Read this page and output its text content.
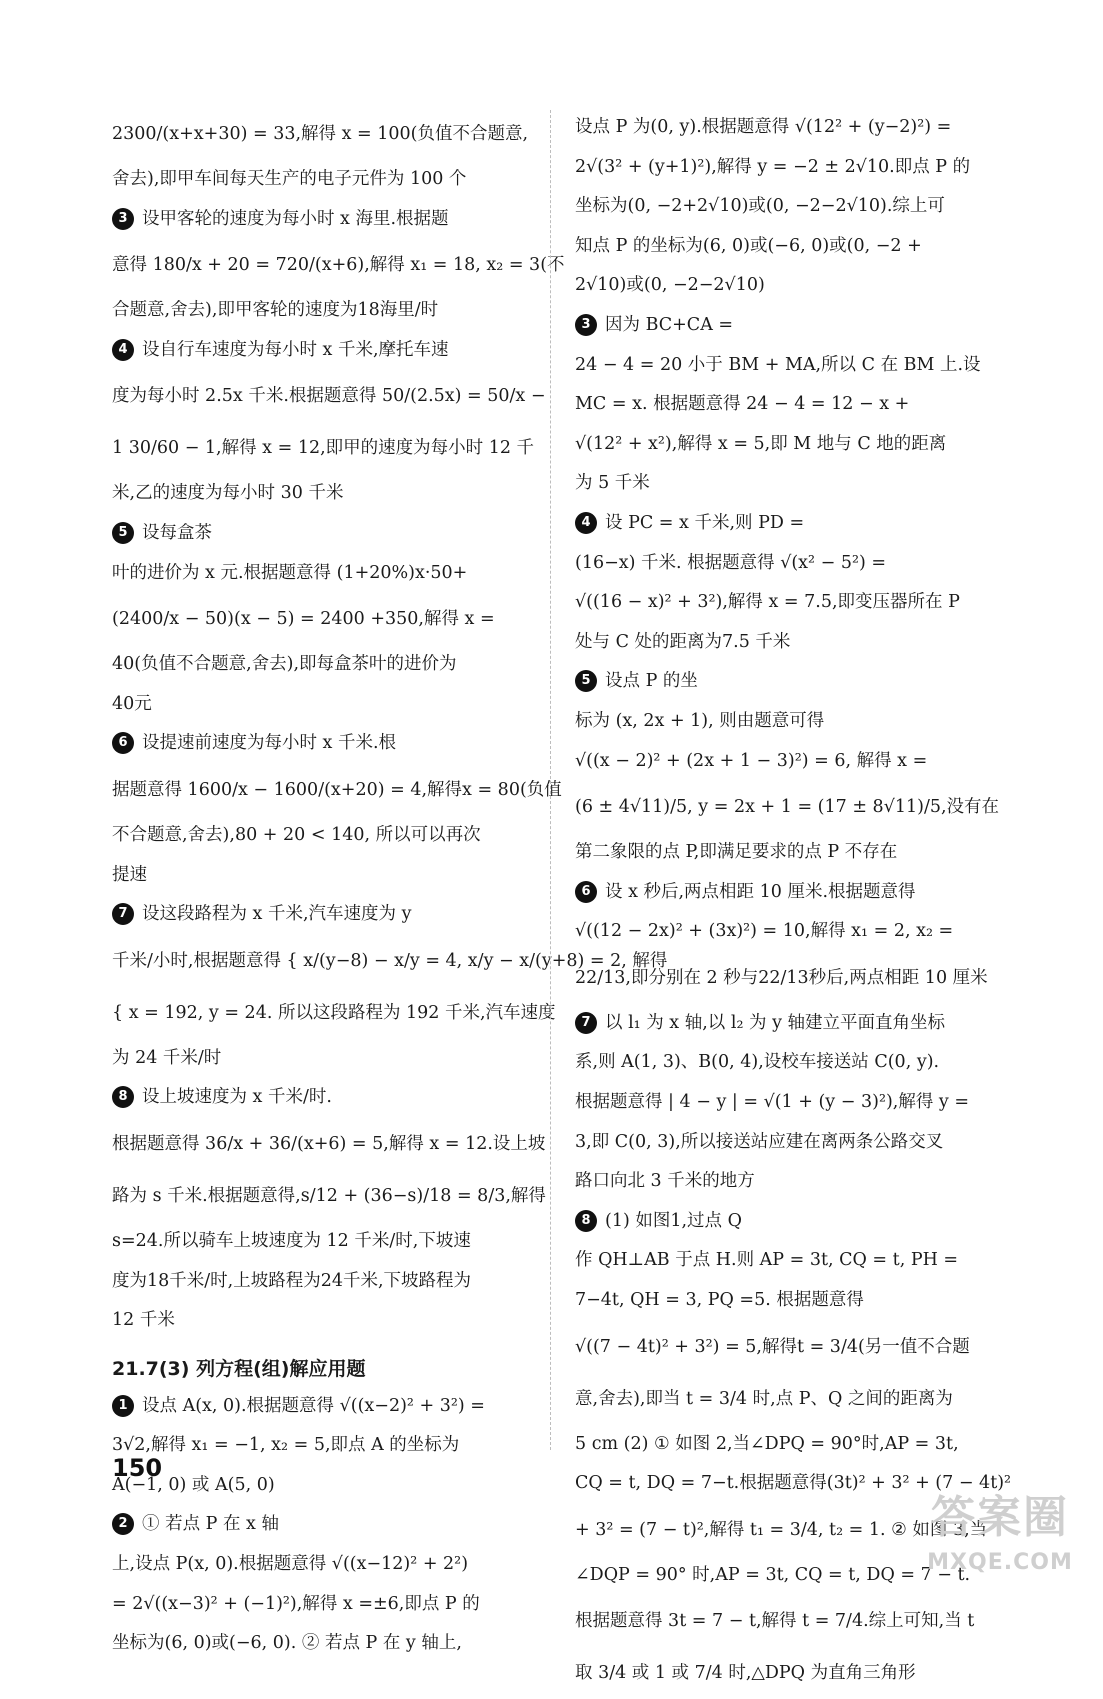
2300/(x+x+30) = 33,解得 x = 100(负值不合题意,
舍去),即甲车间每天生产的电子元件为 100 个
3 设甲客轮的速度为每小时 x 海里.根据题
意得 180/x + 20 = 720/(x+6),解得 x₁ = 18, x₂ = 3(不
合题意,舍去),即甲客轮的速度为18海里/时
4 设自行车速度为每小时 x 千米,摩托车速
度为每小时 2.5x 千米.根据题意得 50/(2.5x) = 50/x −
1 30/60 − 1,解得 x = 12,即甲的速度为每小时 12 千
米,乙的速度为每小时 30 千米
5 设每盒茶
叶的进价为 x 元.根据题意得 (1+20%)x·50+
(2400/x − 50)(x − 5) = 2400 +350,解得 x =
40(负值不合题意,舍去),即每盒茶叶的进价为
40元
6 设提速前速度为每小时 x 千米.根
据题意得 1600/x − 1600/(x+20) = 4,解得x = 80(负值
不合题意,舍去),80 + 20 < 140, 所以可以再次
提速
7 设这段路程为 x 千米,汽车速度为 y
千米/小时,根据题意得 { x/(y−8) − x/y = 4, x/y − x/(y+8) = 2, 解得
{ x = 192, y = 24. 所以这段路程为 192 千米,汽车速度
为 24 千米/时
8 设上坡速度为 x 千米/时.
根据题意得 36/x + 36/(x+6) = 5,解得 x = 12.设上坡
路为 s 千米.根据题意得,s/12 + (36−s)/18 = 8/3,解得
s=24.所以骑车上坡速度为 12 千米/时,下坡速
度为18千米/时,上坡路程为24千米,下坡路程为
12 千米
21.7(3) 列方程(组)解应用题
1 设点 A(x, 0).根据题意得 √((x−2)² + 3²) =
3√2,解得 x₁ = −1, x₂ = 5,即点 A 的坐标为
A(−1, 0) 或 A(5, 0)
2 ① 若点 P 在 x 轴
上,设点 P(x, 0).根据题意得 √((x−12)² + 2²)
= 2√((x−3)² + (−1)²),解得 x =±6,即点 P 的
坐标为(6, 0)或(−6, 0). ② 若点 P 在 y 轴上,
设点 P 为(0, y).根据题意得 √(12² + (y−2)²) =
2√(3² + (y+1)²),解得 y = −2 ± 2√10.即点 P 的
坐标为(0, −2+2√10)或(0, −2−2√10).综上可
知点 P 的坐标为(6, 0)或(−6, 0)或(0, −2 +
2√10)或(0, −2−2√10)
3 因为 BC+CA =
24 − 4 = 20 小于 BM + MA,所以 C 在 BM 上.设
MC = x. 根据题意得 24 − 4 = 12 − x +
√(12² + x²),解得 x = 5,即 M 地与 C 地的距离
为 5 千米
4 设 PC = x 千米,则 PD =
(16−x) 千米. 根据题意得 √(x² − 5²) =
√((16 − x)² + 3²),解得 x = 7.5,即变压器所在 P
处与 C 处的距离为7.5 千米
5 设点 P 的坐
标为 (x, 2x + 1), 则由题意可得
√((x − 2)² + (2x + 1 − 3)²) = 6, 解得 x =
(6 ± 4√11)/5, y = 2x + 1 = (17 ± 8√11)/5,没有在
第二象限的点 P,即满足要求的点 P 不存在
6 设 x 秒后,两点相距 10 厘米.根据题意得
√((12 − 2x)² + (3x)²) = 10,解得 x₁ = 2, x₂ =
22/13,即分别在 2 秒与22/13秒后,两点相距 10 厘米
7 以 l₁ 为 x 轴,以 l₂ 为 y 轴建立平面直角坐标
系,则 A(1, 3)、B(0, 4),设校车接送站 C(0, y).
根据题意得 | 4 − y | = √(1 + (y − 3)²),解得 y =
3,即 C(0, 3),所以接送站应建在离两条公路交叉
路口向北 3 千米的地方
8 (1) 如图1,过点 Q
作 QH⊥AB 于点 H.则 AP = 3t, CQ = t, PH =
7−4t, QH = 3, PQ =5. 根据题意得
√((7 − 4t)² + 3²) = 5,解得t = 3/4(另一值不合题
意,舍去),即当 t = 3/4 时,点 P、Q 之间的距离为
5 cm (2) ① 如图 2,当∠DPQ = 90°时,AP = 3t,
CQ = t, DQ = 7−t.根据题意得(3t)² + 3² + (7 − 4t)²
+ 3² = (7 − t)²,解得 t₁ = 3/4, t₂ = 1. ② 如图 3,当
∠DQP = 90° 时,AP = 3t, CQ = t, DQ = 7 − t.
根据题意得 3t = 7 − t,解得 t = 7/4.综上可知,当 t
取 3/4 或 1 或 7/4 时,△DPQ 为直角三角形
150
答案圈
MXQE.COM
